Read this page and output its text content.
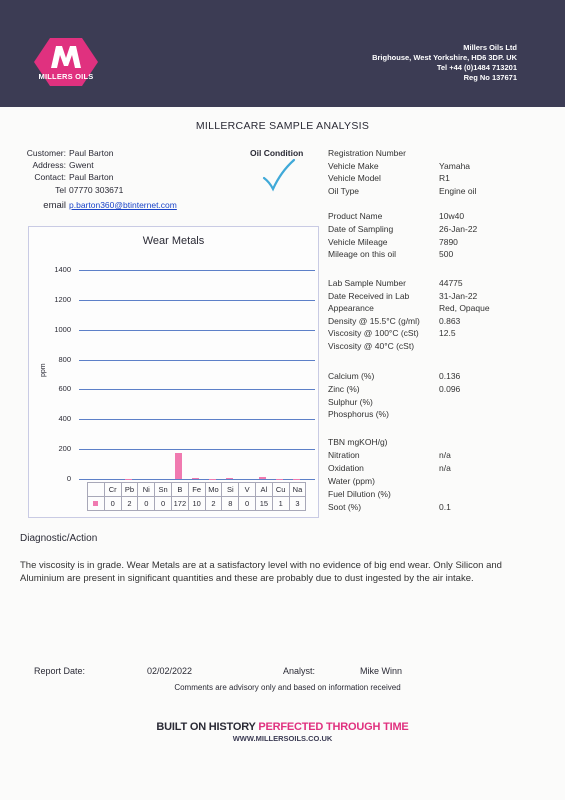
MILLERS OILS
Millers Oils Ltd
Brighouse, West Yorkshire, HD6 3DP. UK
Tel +44 (0)1484 713201
Reg No 137671
MILLERCARE SAMPLE ANALYSIS
Customer: Paul Barton
Address: Gwent
Contact: Paul Barton
Tel 07770 303671
email p.barton360@btinternet.com
Oil Condition	Registration Number
Vehicle Make	Yamaha
Vehicle Model	R1
Oil Type	Engine oil
Product Name	10w40
Date of Sampling	26-Jan-22
Vehicle Mileage	7890
Mileage on this oil	500
Lab Sample Number	44775
Date Received in Lab	31-Jan-22
Appearance	Red, Opaque
Density @ 15.5°C (g/ml) 0.863
Viscosity @ 100°C (cSt) 12.5
Viscosity @ 40°C (cSt)
Calcium (%)	0.136
Zinc (%)	0.096
Sulphur (%)
Phosphorus (%)
TBN mgKOH/g)
Nitration	n/a
Oxidation	n/a
Water (ppm)
Fuel Dilution (%)
Soot (%)	0.1
Wear Metals
ppm
0
200
400
600
800
1000
1200
1400
	Cr	Pb	Ni	Sn	B	Fe	Mo	Si	V	Al	Cu	Na
	0	2	0	0	172	10	2	8	0	15	1	3
Diagnostic/Action
The viscosity is in grade. Wear Metals are at a satisfactory level with no evidence of big end wear. Only Silicon and Aluminium are present in significant quantities and these are probably due to dust ingested by the air intake.
Report Date:	02/02/2022	Analyst:	Mike Winn
Comments are advisory only and based on information received
BUILT ON HISTORY PERFECTED THROUGH TIME
WWW.MILLERSOILS.CO.UK
